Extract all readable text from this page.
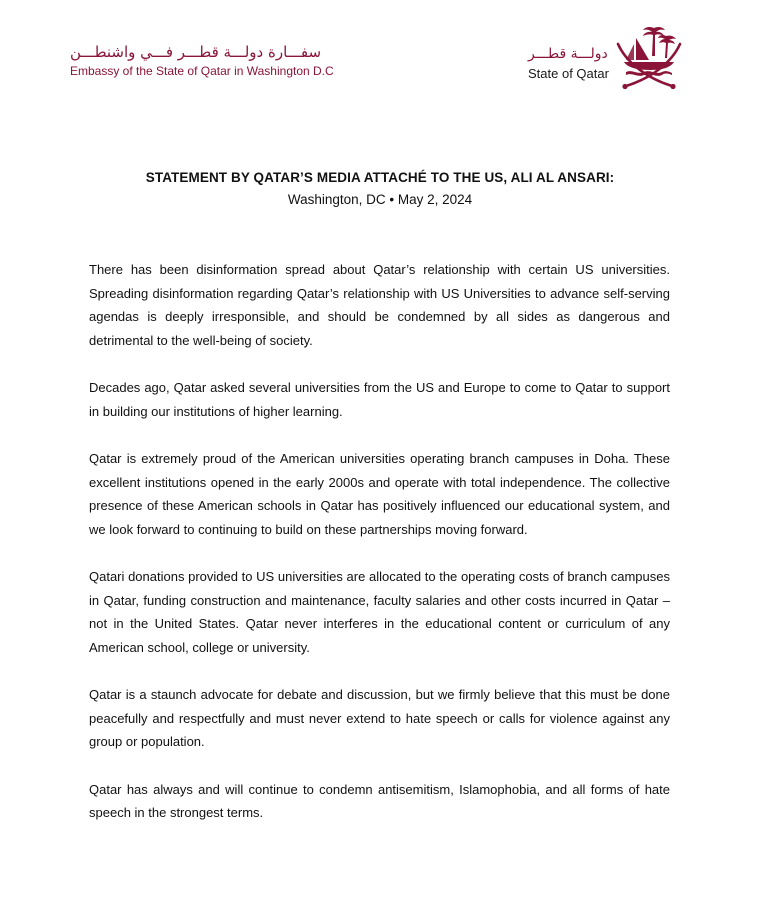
سفـــارة دولـــة قطـــر فـــي واشنطـــن
Embassy of the State of Qatar in Washington D.C
دولـــة قطـــر
State of Qatar
STATEMENT BY QATAR’S MEDIA ATTACHÉ TO THE US, ALI AL ANSARI:
Washington, DC • May 2, 2024

There has been disinformation spread about Qatar’s relationship with certain US universities. Spreading disinformation regarding Qatar’s relationship with US Universities to advance self-serving agendas is deeply irresponsible, and should be condemned by all sides as dangerous and detrimental to the well-being of society.

Decades ago, Qatar asked several universities from the US and Europe to come to Qatar to support in building our institutions of higher learning.

Qatar is extremely proud of the American universities operating branch campuses in Doha. These excellent institutions opened in the early 2000s and operate with total independence. The collective presence of these American schools in Qatar has positively influenced our educational system, and we look forward to continuing to build on these partnerships moving forward.

Qatari donations provided to US universities are allocated to the operating costs of branch campuses in Qatar, funding construction and maintenance, faculty salaries and other costs incurred in Qatar – not in the United States. Qatar never interferes in the educational content or curriculum of any American school, college or university.

Qatar is a staunch advocate for debate and discussion, but we firmly believe that this must be done peacefully and respectfully and must never extend to hate speech or calls for violence against any group or population.

Qatar has always and will continue to condemn antisemitism, Islamophobia, and all forms of hate speech in the strongest terms.
